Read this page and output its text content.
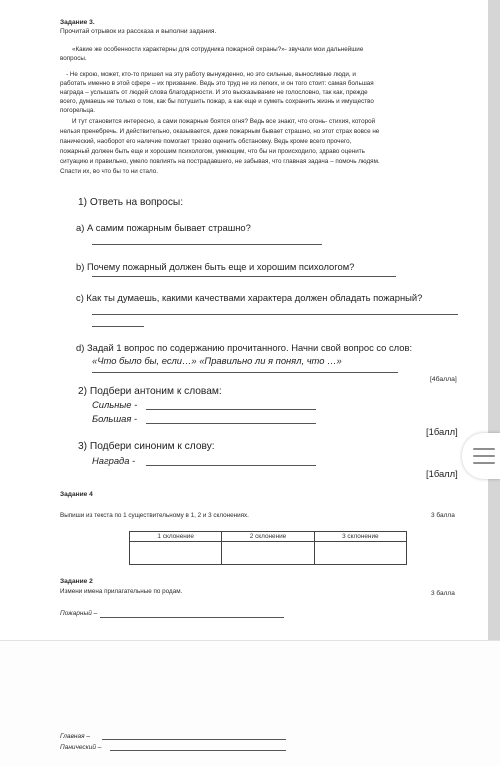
Задание 3.
Прочитай отрывок из рассказа и выполни задания.
«Какие же особенности характерны для сотрудника пожарной охраны?»- звучали мои дальнейшие
вопросы.
- Не скрою, может, кто-то пришел на эту работу вынужденно, но это сильные, выносливые люди, и
работать именно в этой сфере – их призвание. Ведь это труд не из легких, и он того стоит: самая большая
награда – услышать от людей слова благодарности. И это высказывание не голословно, так как, прежде
всего, думаешь не только о том, как бы потушить пожар, а как еще и суметь сохранить жизнь и имущество
погорельца.
И тут становится интересно, а сами пожарные боятся огня? Ведь все знают, что огонь- стихия, которой
нельзя пренебречь. И действительно, оказывается, даже пожарным бывает страшно, но этот страх вовсе не
панический, наоборот его наличие помогает трезво оценить обстановку. Ведь кроме всего прочего,
пожарный должен быть еще и хорошим психологом, умеющим, что бы ни происходило, здраво оценить
ситуацию и правильно, умело повлиять на пострадавшего, не забывая, что главная задача – помочь людям.
Спасти их, во что бы то ни стало.
1) Ответь на вопросы:
a) А самим пожарным бывает страшно?
b) Почему пожарный должен быть еще и хорошим психологом?
c) Как ты думаешь, какими качествами характера должен обладать пожарный?
d) Задай 1 вопрос по содержанию прочитанного. Начни свой вопрос со слов:
«Что было бы, если…» «Правильно ли я понял, что …»
[4балла]
2) Подбери антоним к словам:
Сильные -
Большая -
[1балл]
3) Подбери синоним к слову:
Награда -
[1балл]
Задание 4
Выпиши из текста по 1 существительному в 1, 2 и 3 склонениях.	3 балла
1 склонение	2 склонение	3 склонение

Задание 2
Измени имена прилагательные по родам.	3 балла
Пожарный –
Главная –
Панический –
